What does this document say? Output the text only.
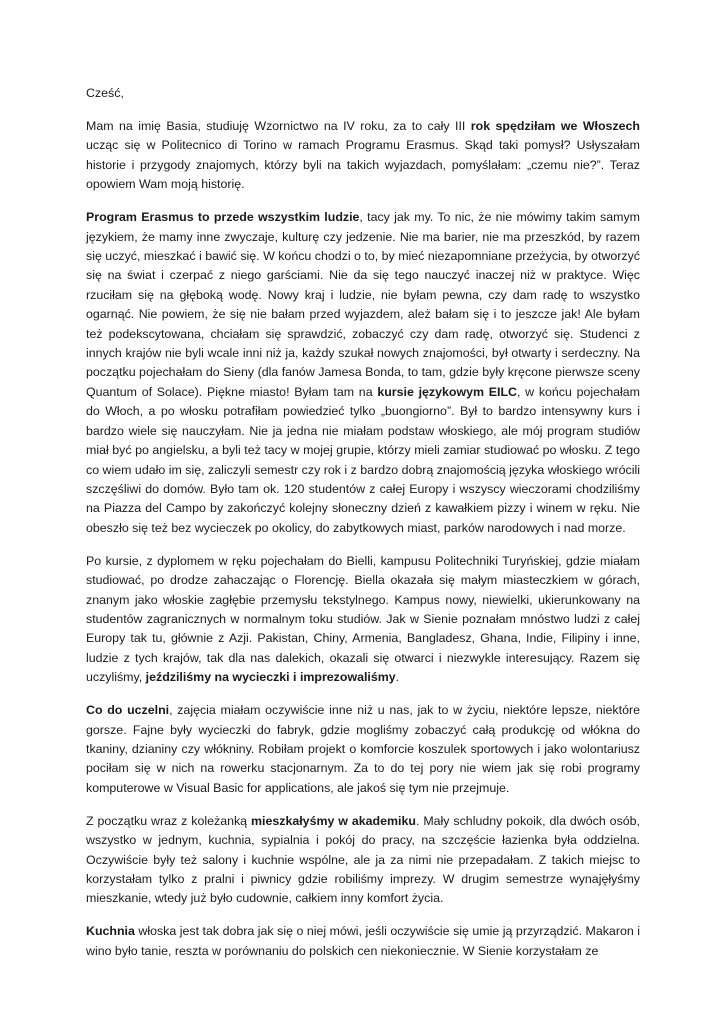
Cześć,

Mam na imię Basia, studiuję Wzornictwo na IV roku, za to cały III rok spędziłam we Włoszech ucząc się w Politecnico di Torino w ramach Programu Erasmus. Skąd taki pomysł? Usłyszałam historie i przygody znajomych, którzy byli na takich wyjazdach, pomyślałam: „czemu nie?”. Teraz opowiem Wam moją historię.

Program Erasmus to przede wszystkim ludzie, tacy jak my. To nic, że nie mówimy takim samym językiem, że mamy inne zwyczaje, kulturę czy jedzenie. Nie ma barier, nie ma przeszkód, by razem się uczyć, mieszkać i bawić się. W końcu chodzi o to, by mieć niezapomniane przeżycia, by otworzyć się na świat i czerpać z niego garściami. Nie da się tego nauczyć inaczej niż w praktyce. Więc rzuciłam się na głęboką wodę. Nowy kraj i ludzie, nie byłam pewna, czy dam radę to wszystko ogarnąć. Nie powiem, że się nie bałam przed wyjazdem, ależ bałam się i to jeszcze jak! Ale byłam też podekscytowana, chciałam się sprawdzić, zobaczyć czy dam radę, otworzyć się. Studenci z innych krajów nie byli wcale inni niż ja, każdy szukał nowych znajomości, był otwarty i serdeczny. Na początku pojechałam do Sieny (dla fanów Jamesa Bonda, to tam, gdzie były kręcone pierwsze sceny Quantum of Solace). Piękne miasto! Byłam tam na kursie językowym EILC, w końcu pojechałam do Włoch, a po włosku potrafiłam powiedzieć tylko „buongiorno”. Był to bardzo intensywny kurs i bardzo wiele się nauczyłam. Nie ja jedna nie miałam podstaw włoskiego, ale mój program studiów miał być po angielsku, a byli też tacy w mojej grupie, którzy mieli zamiar studiować po włosku. Z tego co wiem udało im się, zaliczyli semestr czy rok i z bardzo dobrą znajomością języka włoskiego wrócili szczęśliwi do domów. Było tam ok. 120 studentów z całej Europy i wszyscy wieczorami chodziliśmy na Piazza del Campo by zakończyć kolejny słoneczny dzień z kawałkiem pizzy i winem w ręku. Nie obeszło się też bez wycieczek po okolicy, do zabytkowych miast, parków narodowych i nad morze.

Po kursie, z dyplomem w ręku pojechałam do Bielli, kampusu Politechniki Turyńskiej, gdzie miałam studiować, po drodze zahaczając o Florencję. Biella okazała się małym miasteczkiem w górach, znanym jako włoskie zagłębie przemysłu tekstylnego. Kampus nowy, niewielki, ukierunkowany na studentów zagranicznych w normalnym toku studiów. Jak w Sienie poznałam mnóstwo ludzi z całej Europy tak tu, głównie z Azji. Pakistan, Chiny, Armenia, Bangladesz, Ghana, Indie, Filipiny i inne, ludzie z tych krajów, tak dla nas dalekich, okazali się otwarci i niezwykle interesujący. Razem się uczyliśmy, jeździliśmy na wycieczki i imprezowaliśmy.

Co do uczelni, zajęcia miałam oczywiście inne niż u nas, jak to w życiu, niektóre lepsze, niektóre gorsze. Fajne były wycieczki do fabryk, gdzie mogliśmy zobaczyć całą produkcję od włókna do tkaniny, dzianiny czy włókniny. Robiłam projekt o komforcie koszulek sportowych i jako wolontariusz pociłam się w nich na rowerku stacjonarnym. Za to do tej pory nie wiem jak się robi programy komputerowe w Visual Basic for applications, ale jakoś się tym nie przejmuje.

Z początku wraz z koleżanką mieszkałyśmy w akademiku. Mały schludny pokoik, dla dwóch osób, wszystko w jednym, kuchnia, sypialnia i pokój do pracy, na szczęście łazienka była oddzielna. Oczywiście były też salony i kuchnie wspólne, ale ja za nimi nie przepadałam. Z takich miejsc to korzystałam tylko z pralni i piwnicy gdzie robiliśmy imprezy. W drugim semestrze wynajęłyśmy mieszkanie, wtedy już było cudownie, całkiem inny komfort życia.

Kuchnia włoska jest tak dobra jak się o niej mówi, jeśli oczywiście się umie ją przyrządzić. Makaron i wino było tanie, reszta w porównaniu do polskich cen niekoniecznie. W Sienie korzystałam ze
